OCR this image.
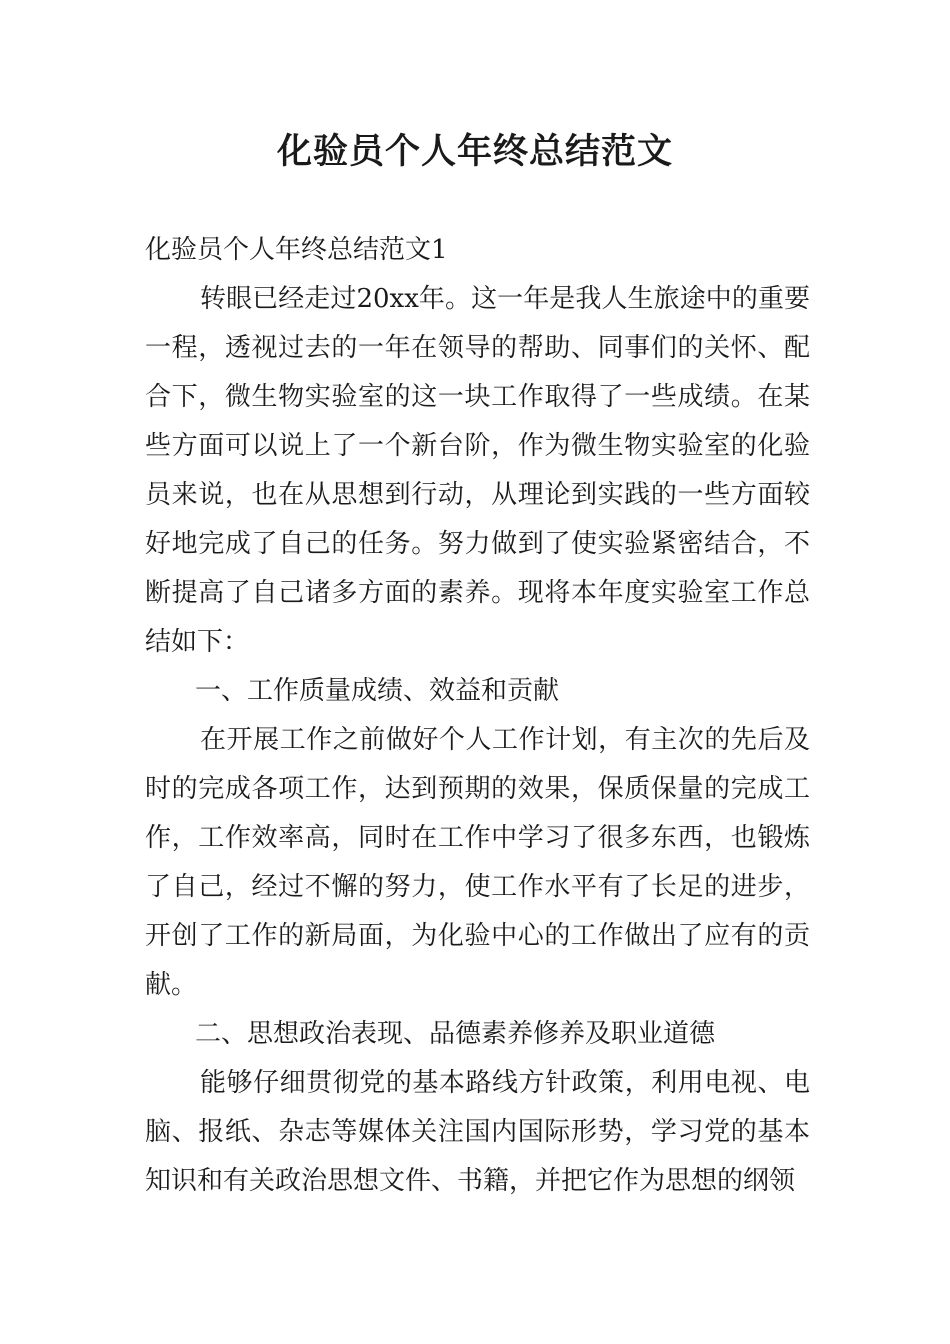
化验员个人年终总结范文

化验员个人年终总结范文1

转眼已经走过20xx年。这一年是我人生旅途中的重要一程，透视过去的一年在领导的帮助、同事们的关怀、配合下，微生物实验室的这一块工作取得了一些成绩。在某些方面可以说上了一个新台阶，作为微生物实验室的化验员来说，也在从思想到行动，从理论到实践的一些方面较好地完成了自己的任务。努力做到了使实验紧密结合，不断提高了自己诸多方面的素养。现将本年度实验室工作总结如下：

一、工作质量成绩、效益和贡献

在开展工作之前做好个人工作计划，有主次的先后及时的完成各项工作，达到预期的效果，保质保量的完成工作，工作效率高，同时在工作中学习了很多东西，也锻炼了自己，经过不懈的努力，使工作水平有了长足的进步，开创了工作的新局面，为化验中心的工作做出了应有的贡献。

二、思想政治表现、品德素养修养及职业道德

能够仔细贯彻党的基本路线方针政策，利用电视、电脑、报纸、杂志等媒体关注国内国际形势，学习党的基本知识和有关政治思想文件、书籍，并把它作为思想的纲领
